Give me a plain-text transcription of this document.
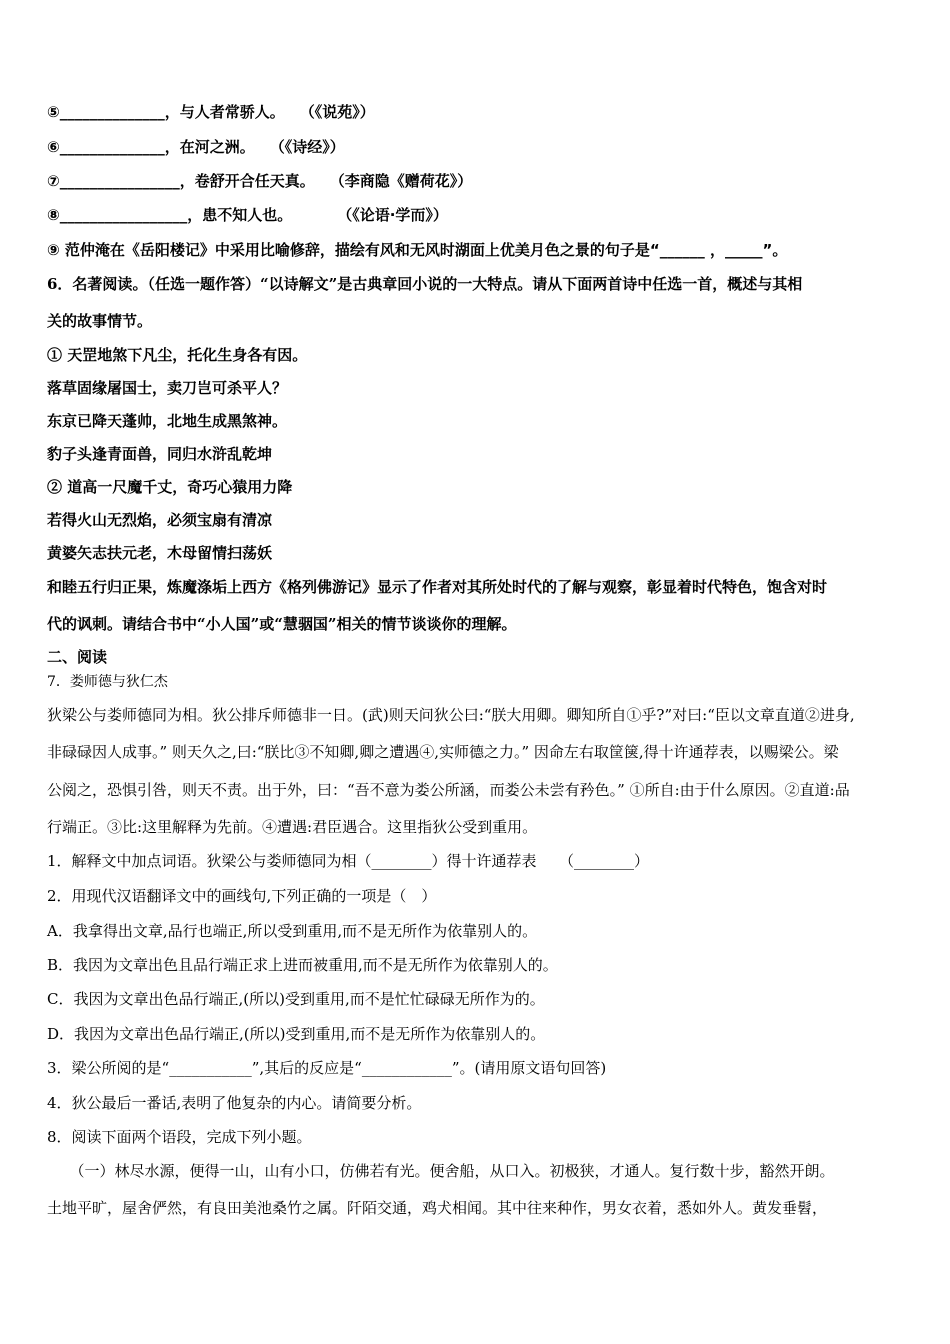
⑤______________，与人者常骄人。　　（《说苑》）
⑥______________，在河之洲。　　（《诗经》）
⑦________________，卷舒开合任天真。　　（李商隐《赠荷花》）
⑧_________________，患不知人也。　　　　（《论语·学而》）
⑨ 范仲淹在《岳阳楼记》中采用比喻修辞，描绘有风和无风时湖面上优美月色之景的句子是“______ ，_____”。
6．名著阅读。（任选一题作答）“以诗解文”是古典章回小说的一大特点。请从下面两首诗中任选一首，概述与其相
关的故事情节。
① 天罡地煞下凡尘，托化生身各有因。
落草固缘屠国士，卖刀岂可杀平人？
东京已降天蓬帅，北地生成黑煞神。
豹子头逢青面兽，同归水浒乱乾坤
② 道高一尺魔千丈，奇巧心猿用力降
若得火山无烈焰，必须宝扇有清凉
黄婆矢志扶元老，木母留情扫荡妖
和睦五行归正果，炼魔涤垢上西方《格列佛游记》显示了作者对其所处时代的了解与观察，彰显着时代特色，饱含对时
代的讽刺。请结合书中“小人国”或“慧骃国”相关的情节谈谈你的理解。
二、阅读
7．娄师德与狄仁杰
狄梁公与娄师德同为相。狄公排斥师德非一日。(武)则天问狄公曰:“朕大用卿。卿知所自①乎?”对曰:“臣以文章直道②进身,
非碌碌因人成事。” 则天久之,曰:“朕比③不知卿,卿之遭遇④,实师德之力。” 因命左右取筐箧,得十许通荐表，以赐梁公。梁
公阅之，恐惧引咎，则天不责。出于外，曰：“吾不意为娄公所涵，而娄公未尝有矜色。” ①所自:由于什么原因。②直道:品
行端正。③比:这里解释为先前。④遭遇:君臣遇合。这里指狄公受到重用。
1．解释文中加点词语。狄梁公与娄师德同为相（________）得十许通荐表　　（________）
2．用现代汉语翻译文中的画线句,下列正确的一项是（　）
A．我拿得出文章,品行也端正,所以受到重用,而不是无所作为依靠别人的。
B．我因为文章出色且品行端正求上进而被重用,而不是无所作为依靠别人的。
C．我因为文章出色品行端正,(所以)受到重用,而不是忙忙碌碌无所作为的。
D．我因为文章出色品行端正,(所以)受到重用,而不是无所作为依靠别人的。
3．梁公所阅的是“___________”,其后的反应是“____________”。(请用原文语句回答)
4．狄公最后一番话,表明了他复杂的内心。请简要分析。
8．阅读下面两个语段，完成下列小题。
　　（一）林尽水源，便得一山，山有小口，仿佛若有光。便舍船，从口入。初极狭，才通人。复行数十步，豁然开朗。
土地平旷，屋舍俨然，有良田美池桑竹之属。阡陌交通，鸡犬相闻。其中往来种作，男女衣着，悉如外人。黄发垂髫，
